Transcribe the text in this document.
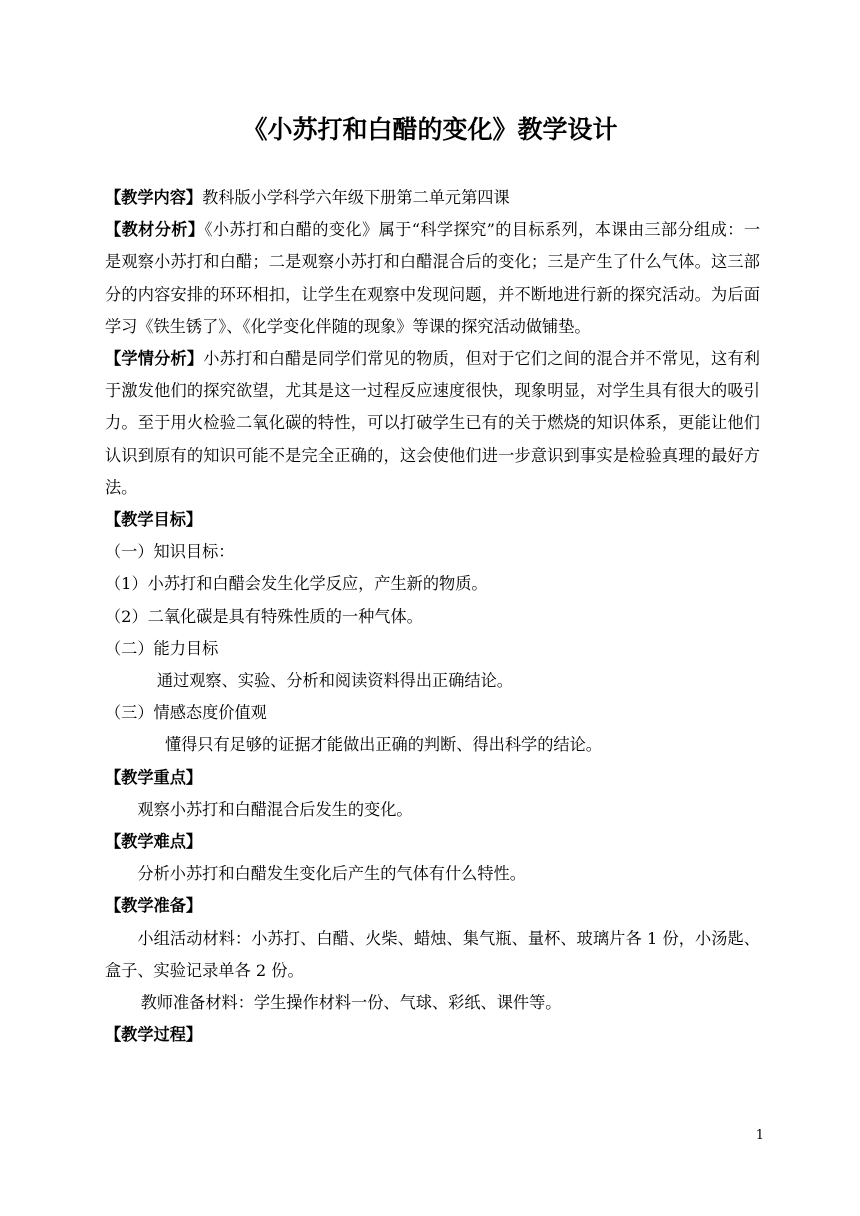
《小苏打和白醋的变化》教学设计

【教学内容】教科版小学科学六年级下册第二单元第四课

【教材分析】《小苏打和白醋的变化》属于“科学探究”的目标系列，本课由三部分组成：一是观察小苏打和白醋；二是观察小苏打和白醋混合后的变化；三是产生了什么气体。这三部分的内容安排的环环相扣，让学生在观察中发现问题，并不断地进行新的探究活动。为后面学习《铁生锈了》、《化学变化伴随的现象》等课的探究活动做铺垫。

【学情分析】小苏打和白醋是同学们常见的物质，但对于它们之间的混合并不常见，这有利于激发他们的探究欲望，尤其是这一过程反应速度很快，现象明显，对学生具有很大的吸引力。至于用火检验二氧化碳的特性，可以打破学生已有的关于燃烧的知识体系，更能让他们认识到原有的知识可能不是完全正确的，这会使他们进一步意识到事实是检验真理的最好方法。

【教学目标】

（一）知识目标：

（1）小苏打和白醋会发生化学反应，产生新的物质。

（2）二氧化碳是具有特殊性质的一种气体。

（二）能力目标

通过观察、实验、分析和阅读资料得出正确结论。

（三）情感态度价值观

懂得只有足够的证据才能做出正确的判断、得出科学的结论。

【教学重点】

观察小苏打和白醋混合后发生的变化。

【教学难点】

分析小苏打和白醋发生变化后产生的气体有什么特性。

【教学准备】

小组活动材料：小苏打、白醋、火柴、蜡烛、集气瓶、量杯、玻璃片各 1 份，小汤匙、盒子、实验记录单各 2 份。

教师准备材料：学生操作材料一份、气球、彩纸、课件等。

【教学过程】

1
